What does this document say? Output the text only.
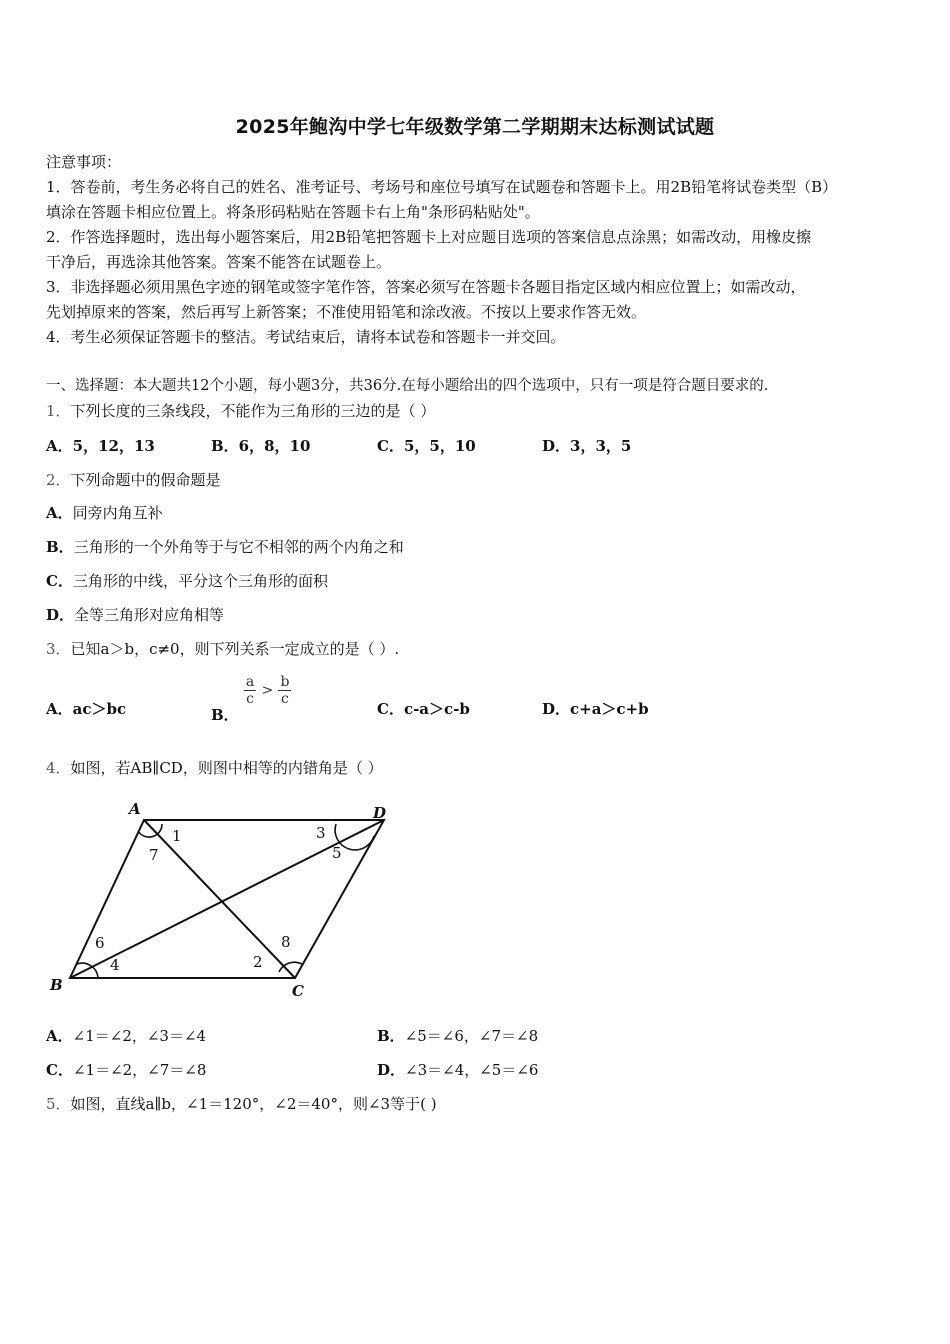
2025年鲍沟中学七年级数学第二学期期末达标测试试题
注意事项：
1．答卷前，考生务必将自己的姓名、准考证号、考场号和座位号填写在试题卷和答题卡上。用2B铅笔将试卷类型（B）
填涂在答题卡相应位置上。将条形码粘贴在答题卡右上角"条形码粘贴处"。
2．作答选择题时，选出每小题答案后，用2B铅笔把答题卡上对应题目选项的答案信息点涂黑；如需改动，用橡皮擦
干净后，再选涂其他答案。答案不能答在试题卷上。
3．非选择题必须用黑色字迹的钢笔或签字笔作答，答案必须写在答题卡各题目指定区域内相应位置上；如需改动，
先划掉原来的答案，然后再写上新答案；不准使用铅笔和涂改液。不按以上要求作答无效。
4．考生必须保证答题卡的整洁。考试结束后，请将本试卷和答题卡一并交回。
一、选择题：本大题共12个小题，每小题3分，共36分.在每小题给出的四个选项中，只有一项是符合题目要求的.
1．下列长度的三条线段，不能作为三角形的三边的是（ ）
A．5，12，13	B．6，8，10	C．5，5，10	D．3，3，5
2．下列命题中的假命题是
A．同旁内角互补
B．三角形的一个外角等于与它不相邻的两个内角之和
C．三角形的中线，平分这个三角形的面积
D．全等三角形对应角相等
3．已知a＞b，c≠0，则下列关系一定成立的是（ ）.
A．ac＞bc	B．
$\frac{a}{c} > \frac{b}{c}$
C．c-a＞c-b	D．c+a＞c+b
4．如图，若AB∥CD，则图中相等的内错角是（ ）
A	D
B	C
1
2
3
4
5
6
7
8
A．∠1＝∠2，∠3＝∠4	B．∠5＝∠6，∠7＝∠8
C．∠1＝∠2，∠7＝∠8	D．∠3＝∠4，∠5＝∠6
5．如图，直线a∥b，∠1＝120°，∠2＝40°，则∠3等于( )
